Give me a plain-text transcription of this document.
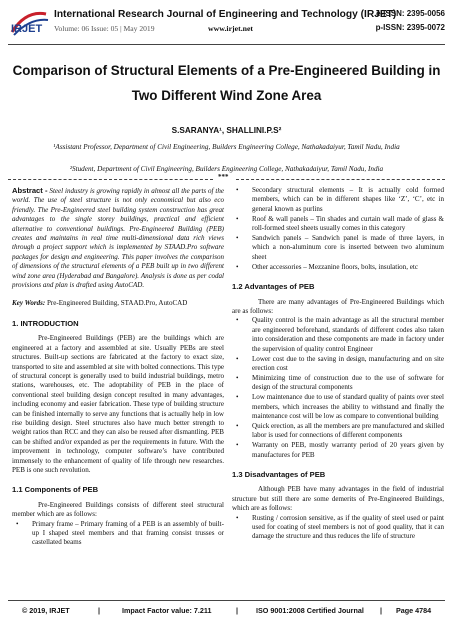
IRJET
International Research Journal of Engineering and Technology (IRJET)
e-ISSN: 2395-0056
Volume: 06 Issue: 05 | May 2019	www.irjet.net	p-ISSN: 2395-0072
Comparison of Structural Elements of a Pre-Engineered Building in Two Different Wind Zone Area
S.SARANYA¹, SHALLINI.P.S²
¹Assistant Professor, Department of Civil Engineering, Builders Engineering College, Nathakadaiyur, Tamil Nadu, India
²Student, Department of Civil Engineering, Builders Engineering College, Nathakadaiyur, Tamil Nadu, India
***

Abstract - Steel industry is growing rapidly in almost all the parts of the world. The use of steel structure is not only economical but also eco friendly. The Pre-Engineered steel building system construction has great advantages to the single storey buildings, practical and efficient alternative to conventional buildings. Pre-Engineered Building (PEB) creates and maintains in real time multi-dimensional data rich views through a project support which is implemented by STAAD.Pro software packages for design and engineering. This paper involves the comparison of dimensions of the structural elements of a PEB built up in two different wind zone area (Hyderabad and Bangalore). Analysis is done as per codal provisions and plan is drafted using AutoCAD.

Key Words: Pre-Engineered Building, STAAD.Pro, AutoCAD

1. INTRODUCTION

Pre-Engineered Buildings (PEB) are the buildings which are engineered at a factory and assembled at site. Usually PEBs are steel structures. Built-up sections are fabricated at the factory to exact size, transported to site and assembled at site with bolted connections. This type of structural concept is generally used to build industrial buildings, metro stations, warehouses, etc. The adoptability of PEB in the place of conventional steel building design concept resulted in many advantages, including economy and easier fabrication. These type of building structure can be finished internally to serve any functions that is actually help in low rise building design. Steel structures also have much better strength to weight ratios than RCC and they can also be reused after dismantling. PEB can be shifted and/or expanded as per the requirements in future. With the improvement in technology, computer software’s have contributed immensely to the enhancement of quality of life through new researches. PEB is one such revolution.

1.1 Components of PEB

Pre-Engineered Buildings consists of different steel structural member which are as follows:

• Primary frame – Primary framing of a PEB is an assembly of built-up I shaped steel members and that framing consist trusses or castellated beams
• Secondary structural elements – It is actually cold formed members, which can be in different shapes like ‘Z’, ‘C’, etc in general known as purlins
• Roof & wall panels – Tin shades and curtain wall made of glass & roll-formed steel sheets usually comes in this category
• Sandwich panels – Sandwich panel is made of three layers, in which a non-aluminum core is inserted between two aluminum sheet
• Other accessories – Mezzanine floors, bolts, insulation, etc
1.2 Advantages of PEB

There are many advantages of Pre-Engineered Buildings which are as follows:

• Quality control is the main advantage as all the structural member are engineered beforehand, standards of different codes also taken into consideration and these components are made in factory under the supervision of quality control Engineer
• Lower cost due to the saving in design, manufacturing and on site erection cost
• Minimizing time of construction due to the use of software for design of the structural components
• Low maintenance due to use of standard quality of paints over steel members, which increases the ability to withstand and finally the maintenance cost will be low as compare to conventional building
• Quick erection, as all the members are pre manufactured and skilled labor is used for connections of different components
• Warranty on PEB, mostly warranty period of 20 years given by manufactures for PEB
1.3 Disadvantages of PEB

Although PEB have many advantages in the field of industrial structure but still there are some demerits of Pre-Engineered Buildings, which are as follows:

• Rusting / corrosion sensitive, as if the quality of steel used or paint used for coating of steel members is not of good quality, that it can damage the structure and thus reduces the life of structure
© 2019, IRJET	|	Impact Factor value: 7.211	| ISO 9001:2008 Certified Journal | Page 4784
